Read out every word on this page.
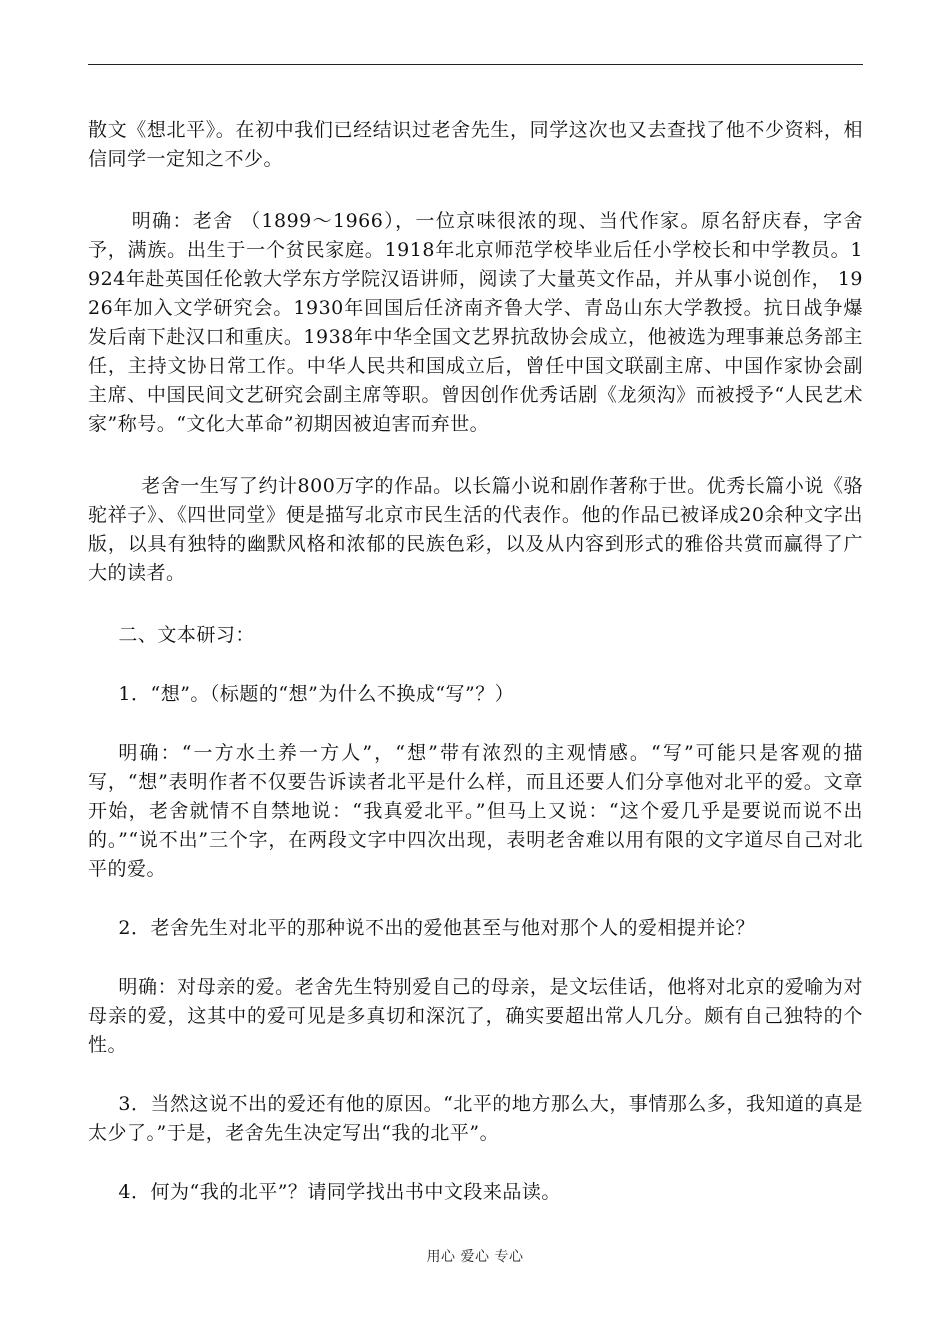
散文《想北平》。在初中我们已经结识过老舍先生，同学这次也又去查找了他不少资料，相信同学一定知之不少。

明确：老舍 （1899～1966），一位京味很浓的现、当代作家。原名舒庆春，字舍予，满族。出生于一个贫民家庭。1918年北京师范学校毕业后任小学校长和中学教员。1924年赴英国任伦敦大学东方学院汉语讲师，阅读了大量英文作品，并从事小说创作， 1926年加入文学研究会。1930年回国后任济南齐鲁大学、青岛山东大学教授。抗日战争爆发后南下赴汉口和重庆。1938年中华全国文艺界抗敌协会成立，他被选为理事兼总务部主任，主持文协日常工作。中华人民共和国成立后，曾任中国文联副主席、中国作家协会副主席、中国民间文艺研究会副主席等职。曾因创作优秀话剧《龙须沟》而被授予“人民艺术家”称号。“文化大革命”初期因被迫害而弃世。

老舍一生写了约计800万字的作品。以长篇小说和剧作著称于世。优秀长篇小说《骆驼祥子》、《四世同堂》便是描写北京市民生活的代表作。他的作品已被译成20余种文字出版，以具有独特的幽默风格和浓郁的民族色彩，以及从内容到形式的雅俗共赏而赢得了广大的读者。

二、文本研习：

1．“想”。（标题的“想”为什么不换成“写”？）

明确：“一方水土养一方人”，“想”带有浓烈的主观情感。“写”可能只是客观的描写，“想”表明作者不仅要告诉读者北平是什么样，而且还要人们分享他对北平的爱。文章开始，老舍就情不自禁地说：“我真爱北平。”但马上又说：“这个爱几乎是要说而说不出的。”“说不出”三个字，在两段文字中四次出现，表明老舍难以用有限的文字道尽自己对北平的爱。

2．老舍先生对北平的那种说不出的爱他甚至与他对那个人的爱相提并论？

明确：对母亲的爱。老舍先生特别爱自己的母亲，是文坛佳话，他将对北京的爱喻为对母亲的爱，这其中的爱可见是多真切和深沉了，确实要超出常人几分。颇有自己独特的个性。

3．当然这说不出的爱还有他的原因。“北平的地方那么大，事情那么多，我知道的真是太少了。”于是，老舍先生决定写出“我的北平”。

4．何为“我的北平”？请同学找出书中文段来品读。

用心 爱心 专心
